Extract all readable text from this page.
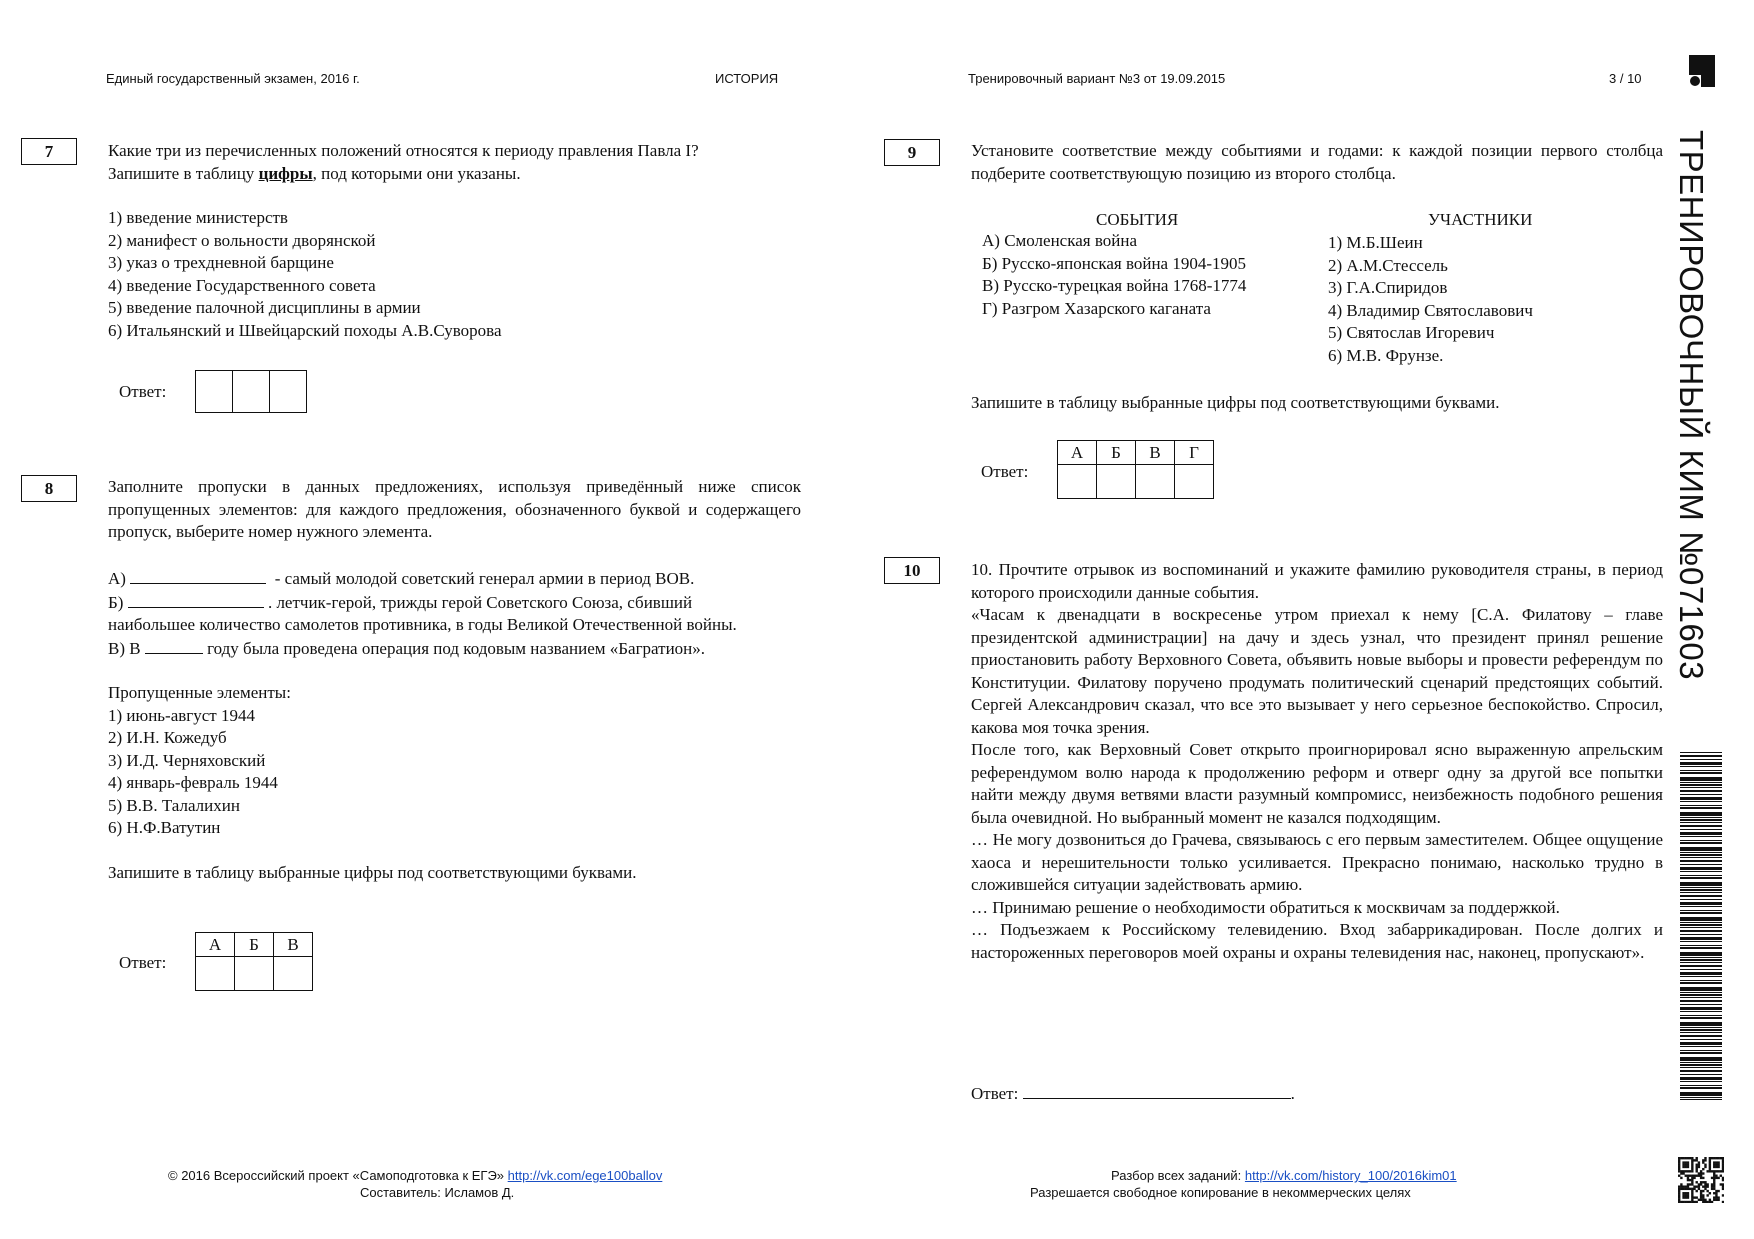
Единый государственный экзамен, 2016 г.	ИСТОРИЯ	Тренировочный вариант №3 от 19.09.2015	3 / 10
ТРЕНИРОВОЧНЫЙ КИМ №071603
7	Какие три из перечисленных положений относятся к периоду правления Павла I?
Запишите в таблицу цифры, под которыми они указаны.
1) введение министерств
2) манифест о вольности дворянской
3) указ о трехдневной барщине
4) введение Государственного совета
5) введение палочной дисциплины в армии
6) Итальянский и Швейцарский походы А.В.Суворова
Ответ:

8	Заполните пропуски в данных предложениях, используя приведённый ниже список пропущенных элементов: для каждого предложения, обозначенного буквой и содержащего пропуск, выберите номер нужного элемента.
А)	- самый молодой советский генерал армии в период ВОВ.
Б)	. летчик-герой, трижды герой Советского Союза, сбивший
наибольшее количество самолетов противника, в годы Великой Отечественной войны.
В) В	году была проведена операция под кодовым названием «Багратион».
Пропущенные элементы:
1) июнь-август 1944
2) И.Н. Кожедуб
3) И.Д. Черняховский
4) январь-февраль 1944
5) В.В. Талалихин
6) Н.Ф.Ватутин
Запишите в таблицу выбранные цифры под соответствующими буквами.
Ответ:
А	Б	В

9	Установите соответствие между событиями и годами: к каждой позиции первого столбца подберите соответствующую позицию из второго столбца.
СОБЫТИЯ
А) Смоленская война
Б) Русско-японская война 1904-1905
В) Русско-турецкая война 1768-1774
Г) Разгром Хазарского каганата
УЧАСТНИКИ
1) М.Б.Шеин
2) А.М.Стессель
3) Г.А.Спиридов
4) Владимир Святославович
5) Святослав Игоревич
6) М.В. Фрунзе.
Запишите в таблицу выбранные цифры под соответствующими буквами.
Ответ:
А	Б	В	Г

10	10. Прочтите отрывок из воспоминаний и укажите фамилию руководителя страны, в период которого происходили данные события.
«Часам к двенадцати в воскресенье утром приехал к нему [С.А. Филатову – главе президентской администрации] на дачу и здесь узнал, что президент принял решение приостановить работу Верховного Совета, объявить новые выборы и провести референдум по Конституции. Филатову поручено продумать политический сценарий предстоящих событий. Сергей Александрович сказал, что все это вызывает у него серьезное беспокойство. Спросил, какова моя точка зрения.
После того, как Верховный Совет открыто проигнорировал ясно выраженную апрельским референдумом волю народа к продолжению реформ и отверг одну за другой все попытки найти между двумя ветвями власти разумный компромисс, неизбежность подобного решения была очевидной. Но выбранный момент не казался подходящим.
… Не могу дозвониться до Грачева, связываюсь с его первым заместителем. Общее ощущение хаоса и нерешительности только усиливается. Прекрасно понимаю, насколько трудно в сложившейся ситуации задействовать армию.
… Принимаю решение о необходимости обратиться к москвичам за поддержкой.
… Подъезжаем к Российскому телевидению. Вход забаррикадирован. После долгих и настороженных переговоров моей охраны и охраны телевидения нас, наконец, пропускают».
Ответ:	.
© 2016 Всероссийский проект «Самоподготовка к ЕГЭ» http://vk.com/ege100ballov
Составитель: Исламов Д.
Разбор всех заданий: http://vk.com/history_100/2016kim01
Разрешается свободное копирование в некоммерческих целях
